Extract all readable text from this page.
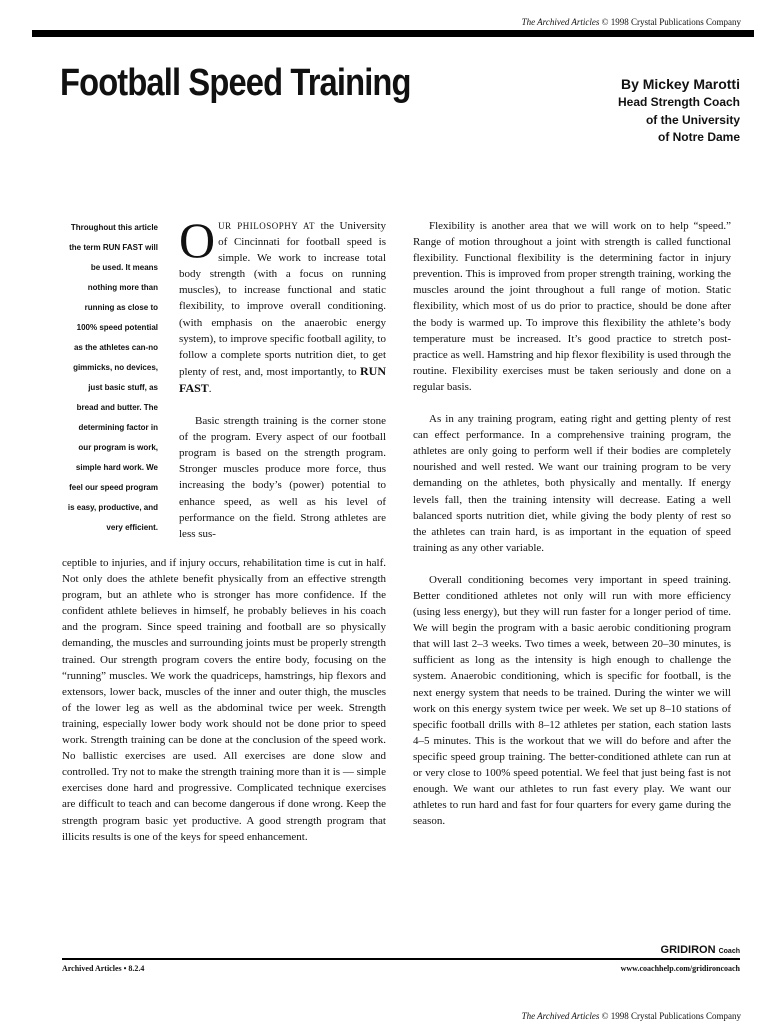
The Archived Articles © 1998 Crystal Publications Company
Football Speed Training	By Mickey Marotti
Head Strength Coach
of the University
of Notre Dame
Throughout this article
the term RUN FAST will
be used. It means
nothing more than
running as close to
100% speed potential
as the athletes can-no
gimmicks, no devices,
just basic stuff, as
bread and butter. The
determining factor in
our program is work,
simple hard work. We
feel our speed program
is easy, productive, and
very efficient.

OUR PHILOSOPHY AT the University of Cincinnati for football speed is simple. We work to increase total body strength (with a focus on running muscles), to increase functional and static flexibility, to improve overall conditioning. (with emphasis on the anaerobic energy system), to improve specific football agility, to follow a complete sports nutrition diet, to get plenty of rest, and, most importantly, to RUN FAST.

Basic strength training is the corner stone of the program. Every aspect of our football program is based on the strength program. Stronger muscles produce more force, thus increasing the body’s (power) potential to enhance speed, as well as his level of performance on the field. Strong athletes are less sus-

ceptible to injuries, and if injury occurs, rehabilitation time is cut in half. Not only does the athlete benefit physically from an effective strength program, but an athlete who is stronger has more confidence. If the confident athlete believes in himself, he probably believes in his coach and the program. Since speed training and football are so physically demanding, the muscles and surrounding joints must be properly strength trained. Our strength program covers the entire body, focusing on the “running” muscles. We work the quadriceps, hamstrings, hip flexors and extensors, lower back, muscles of the inner and outer thigh, the muscles of the lower leg as well as the abdominal twice per week. Strength training, especially lower body work should not be done prior to speed work. Strength training can be done at the conclusion of the speed work. No ballistic exercises are used. All exercises are done slow and controlled. Try not to make the strength training more than it is — simple exercises done hard and progressive. Complicated technique exercises are difficult to teach and can become dangerous if done wrong. Keep the strength program basic yet productive. A good strength program that illicits results is one of the keys for speed enhancement.

Flexibility is another area that we will work on to help “speed.” Range of motion throughout a joint with strength is called functional flexibility. Functional flexibility is the determining factor in injury prevention. This is improved from proper strength training, working the muscles around the joint throughout a full range of motion. Static flexibility, which most of us do prior to practice, should be done after the body is warmed up. To improve this flexibility the athlete’s body temperature must be increased. It’s good practice to stretch post-practice as well. Hamstring and hip flexor flexibility is used through the routine. Flexibility exercises must be taken seriously and done on a regular basis.

As in any training program, eating right and getting plenty of rest can effect performance. In a comprehensive training program, the athletes are only going to perform well if their bodies are completely nourished and well rested. We want our training program to be very demanding on the athletes, both physically and mentally. If energy levels fall, then the training intensity will decrease. Eating a well balanced sports nutrition diet, while giving the body plenty of rest so the athletes can train hard, is as important in the equation of speed training as any other variable.

Overall conditioning becomes very important in speed training. Better conditioned athletes not only will run with more efficiency (using less energy), but they will run faster for a longer period of time. We will begin the program with a basic aerobic conditioning program that will last 2–3 weeks. Two times a week, between 20–30 minutes, is sufficient as long as the intensity is high enough to challenge the system. Anaerobic conditioning, which is specific for football, is the next energy system that needs to be trained. During the winter we will work on this energy system twice per week. We set up 8–10 stations of specific football drills with 8–12 athletes per station, each station lasts 4–5 minutes. This is the workout that we will do before and after the specific speed group training. The better-conditioned athlete can run at or very close to 100% speed potential. We feel that just being fast is not enough. We want our athletes to run fast every play. We want our athletes to run hard and fast for four quarters for every game during the season.

GRIDIRON Coach
Archived Articles • 8.2.4	www.coachhelp.com/gridironcoach
The Archived Articles © 1998 Crystal Publications Company
